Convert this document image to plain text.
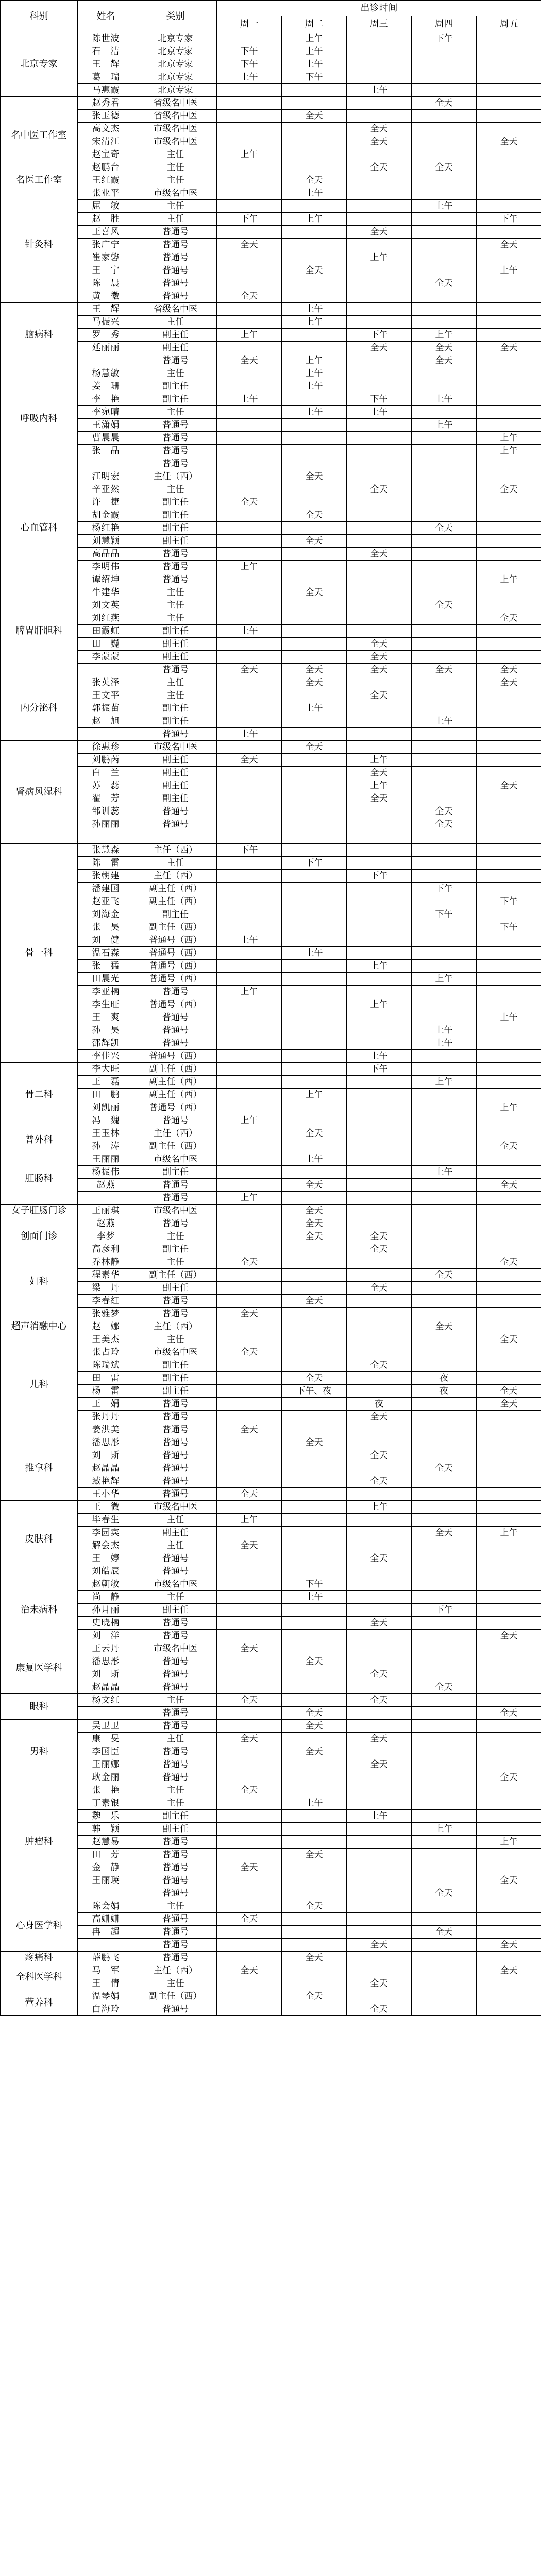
科别	姓名	类别	出诊时间				
			周一	周二	周三	周四	周五
北京专家	陈世波	北京专家		上午		下午	
	石　洁	北京专家	下午	上午			
	王　辉	北京专家	下午	上午			
	葛　瑞	北京专家	上午	下午			
	马惠霞	北京专家			上午		
名中医工作室	赵秀君	省级名中医				全天	
	张玉德	省级名中医		全天			
	高文杰	市级名中医			全天		
	宋清江	市级名中医			全天		全天
	赵宝奇	主任	上午				
	赵鹏台	主任			全天	全天	
名医工作室	王红霞	主任		全天			
针灸科	张业平	市级名中医		上午			
	屈　敏	主任				上午	
	赵　胜	主任	下午	上午			下午
	王喜风	普通号			全天		
	张广宁	普通号	全天				全天
	崔家馨	普通号			上午		
	王　宁	普通号		全天			上午
	陈　晨	普通号				全天	
	黄　徽	普通号	全天				
脑病科	王　辉	省级名中医		上午			
	马振兴	主任		上午			
	罗　秀	副主任	上午		下午	上午	
	延丽丽	副主任			全天	全天	全天
		普通号	全天	上午		全天	
呼吸内科	杨慧敏	主任		上午			
	姜　珊	副主任		上午			
	李　艳	副主任	上午		下午	上午	
	李宛晴	主任		上午	上午		
	王潇娟	普通号				上午	
	曹晨晨	普通号					上午
	张　晶	普通号					上午
		普通号					
心血管科	江明宏	主任（西）		全天			
	辛亚然	主任			全天		全天
	许　捷	副主任	全天				
	胡金霞	副主任		全天			
	杨红艳	副主任				全天	
	刘慧颖	副主任		全天			
	高晶晶	普通号			全天		
	李明伟	普通号	上午				
	谭绍坤	普通号					上午
脾胃肝胆科	牛建华	主任		全天			
	刘文英	主任				全天	
	刘红燕	主任					全天
	田霞虹	副主任	上午				
	田　巍	副主任			全天		
	李蒙蒙	副主任			全天		
		普通号	全天	全天	全天	全天	全天
内分泌科	张英泽	主任		全天			全天
	王文平	主任			全天		
	郭振苗	副主任		上午			
	赵　旭	副主任				上午	
		普通号	上午				
肾病风湿科	徐惠珍	市级名中医		全天			
	刘鹏芮	副主任	全天		上午		
	白　兰	副主任			全天		
	苏　蕊	副主任			上午		全天
	翟　芳	副主任			全天		
	邹训蕊	普通号				全天	
	孙丽丽	普通号				全天	

骨一科	张慧森	主任（西）	下午				
	陈　雷	主任		下午			
	张朝建	主任（西）			下午		
	潘建国	副主任（西）				下午	
	赵亚飞	副主任（西）					下午
	刘海金	副主任				下午	
	张　昊	副主任（西）					下午
	刘　健	普通号（西）	上午				
	温石森	普通号（西）		上午			
	张　猛	普通号（西）			上午		
	田晨光	普通号（西）				上午	
	李亚楠	普通号	上午				
	李生旺	普通号（西）			上午		
	王　爽	普通号					上午
	孙　昊	普通号				上午	
	邵辉凯	普通号				上午	
	李佳兴	普通号（西）			上午		
骨二科	李大旺	副主任（西）			下午		
	王　磊	副主任（西）				上午	
	田　鹏	副主任（西）		上午			
	刘凯丽	普通号（西）					上午
	冯　魏	普通号	上午				
普外科	王玉林	主任（西）		全天			
	孙　涛	副主任（西）					全天
肛肠科	王丽丽	市级名中医		上午			
	杨振伟	副主任				上午	
	赵燕	普通号		全天			全天
		普通号	上午				
女子肛肠门诊	王丽琪	市级名中医		全天			
	赵燕	普通号		全天			
创面门诊	李梦	主任		全天	全天		
妇科	高彦利	副主任			全天		
	乔林静	主任	全天				全天
	程素华	副主任（西）				全天	
	梁　丹	副主任			全天		
	李春红	普通号		全天			
	张雅梦	普通号	全天				
超声消融中心	赵　娜	主任（西）				全天	
儿科	王美杰	主任					全天
	张占玲	市级名中医	全天				
	陈瑞斌	副主任			全天		
	田　雷	副主任		全天		夜	
	杨　雷	副主任		下午、夜		夜	全天
	王　娟	普通号			夜		全天
	张丹丹	普通号			全天		
	姜洪美	普通号	全天				
推拿科	潘思彤	普通号		全天			
	刘　斯	普通号			全天		
	赵晶晶	普通号				全天	
	臧艳辉	普通号			全天		
	王小华	普通号	全天				
皮肤科	王　微	市级名中医			上午		
	毕春生	主任	上午				
	李园宾	副主任				全天	上午
	解会杰	主任	全天				
	王　婷	普通号			全天		
	刘皓辰	普通号					
治未病科	赵朝敏	市级名中医		下午			
	尚　静	主任		上午			
	孙月丽	副主任				下午	
	史晓楠	普通号			全天		
	刘　洋	普通号					全天
康复医学科	王云丹	市级名中医	全天				
	潘思彤	普通号		全天			
	刘　斯	普通号			全天		
	赵晶晶	普通号				全天	
眼科	杨文红	主任	全天		全天		
		普通号		全天			全天
男科	吴卫卫	普通号		全天			
	康　旻	主任	全天		全天		
	李国臣	普通号		全天			
	王丽娜	普通号			全天		
	耿金丽	普通号					全天
肿瘤科	张　艳	主任	全天				
	丁素银	主任		上午			
	魏　乐	副主任			上午		
	韩　颖	副主任				上午	
	赵慧易	普通号					上午
	田　芳	普通号		全天			
	金　静	普通号	全天				
	王丽瑛	普通号					全天
		普通号				全天	
心身医学科	陈会娟	主任		全天			
	高姗姗	普通号	全天				
	冉　超	普通号				全天	
		普通号			全天		全天
疼痛科	薛鹏飞	普通号		全天			
全科医学科	马　军	主任（西）	全天				全天
	王　倩	主任			全天		
营养科	温琴娟	副主任（西）		全天			
	白海玲	普通号			全天		
